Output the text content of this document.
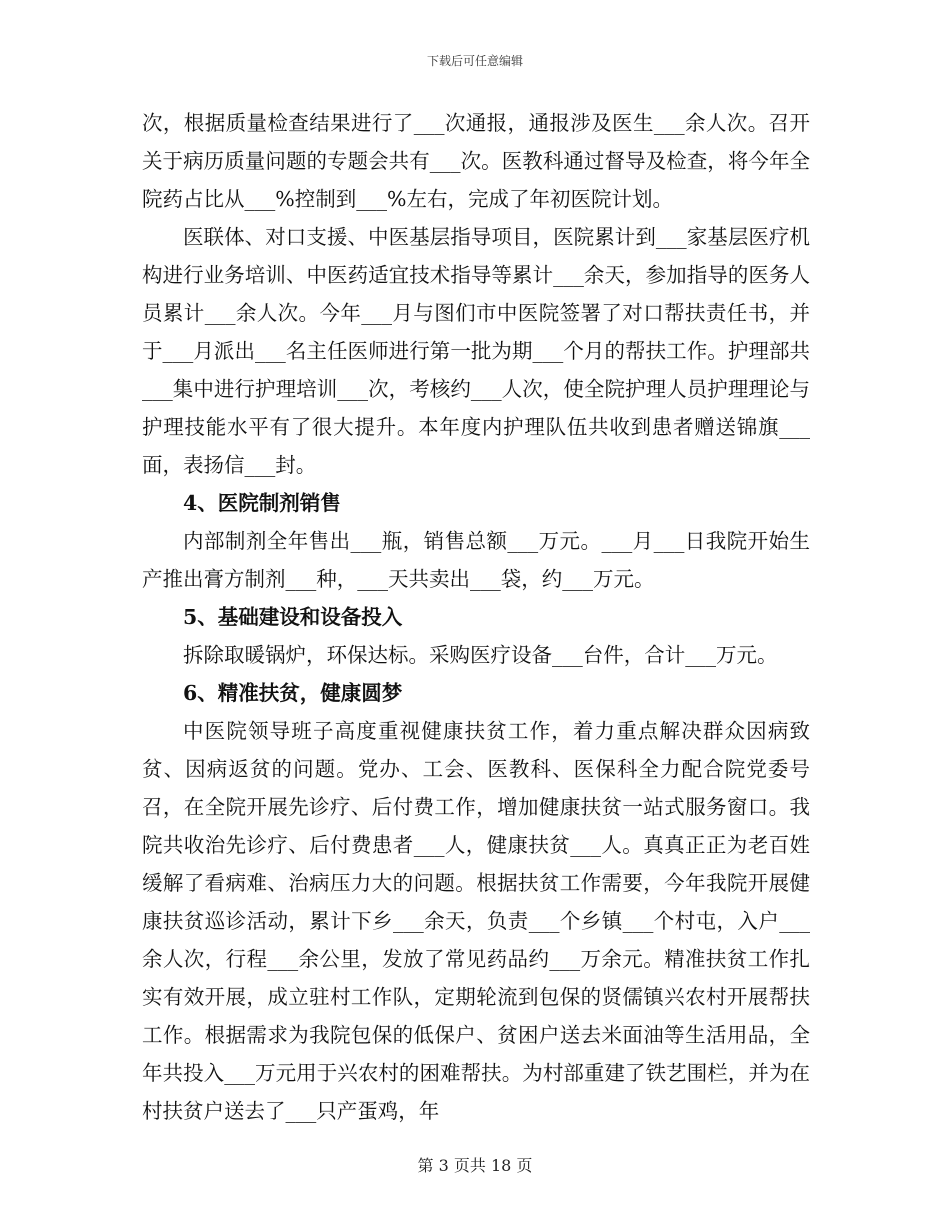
下载后可任意编辑

次，根据质量检查结果进行了___次通报，通报涉及医生___余人次。召开关于病历质量问题的专题会共有___次。医教科通过督导及检查，将今年全院药占比从___%控制到___%左右，完成了年初医院计划。

医联体、对口支援、中医基层指导项目，医院累计到___家基层医疗机构进行业务培训、中医药适宜技术指导等累计___余天，参加指导的医务人员累计___余人次。今年___月与图们市中医院签署了对口帮扶责任书，并于___月派出___名主任医师进行第一批为期___个月的帮扶工作。护理部共___集中进行护理培训___次，考核约___人次，使全院护理人员护理理论与护理技能水平有了很大提升。本年度内护理队伍共收到患者赠送锦旗___面，表扬信___封。

4、医院制剂销售

内部制剂全年售出___瓶，销售总额___万元。___月___日我院开始生产推出膏方制剂___种，___天共卖出___袋，约___万元。

5、基础建设和设备投入

拆除取暖锅炉，环保达标。采购医疗设备___台件，合计___万元。

6、精准扶贫，健康圆梦

中医院领导班子高度重视健康扶贫工作，着力重点解决群众因病致贫、因病返贫的问题。党办、工会、医教科、医保科全力配合院党委号召，在全院开展先诊疗、后付费工作，增加健康扶贫一站式服务窗口。我院共收治先诊疗、后付费患者___人，健康扶贫___人。真真正正为老百姓缓解了看病难、治病压力大的问题。根据扶贫工作需要，今年我院开展健康扶贫巡诊活动，累计下乡___余天，负责___个乡镇___个村屯，入户___余人次，行程___余公里，发放了常见药品约___万余元。精准扶贫工作扎实有效开展，成立驻村工作队，定期轮流到包保的贤儒镇兴农村开展帮扶工作。根据需求为我院包保的低保户、贫困户送去米面油等生活用品，全年共投入___万元用于兴农村的困难帮扶。为村部重建了铁艺围栏，并为在村扶贫户送去了___只产蛋鸡，年

第 3 页共 18 页
